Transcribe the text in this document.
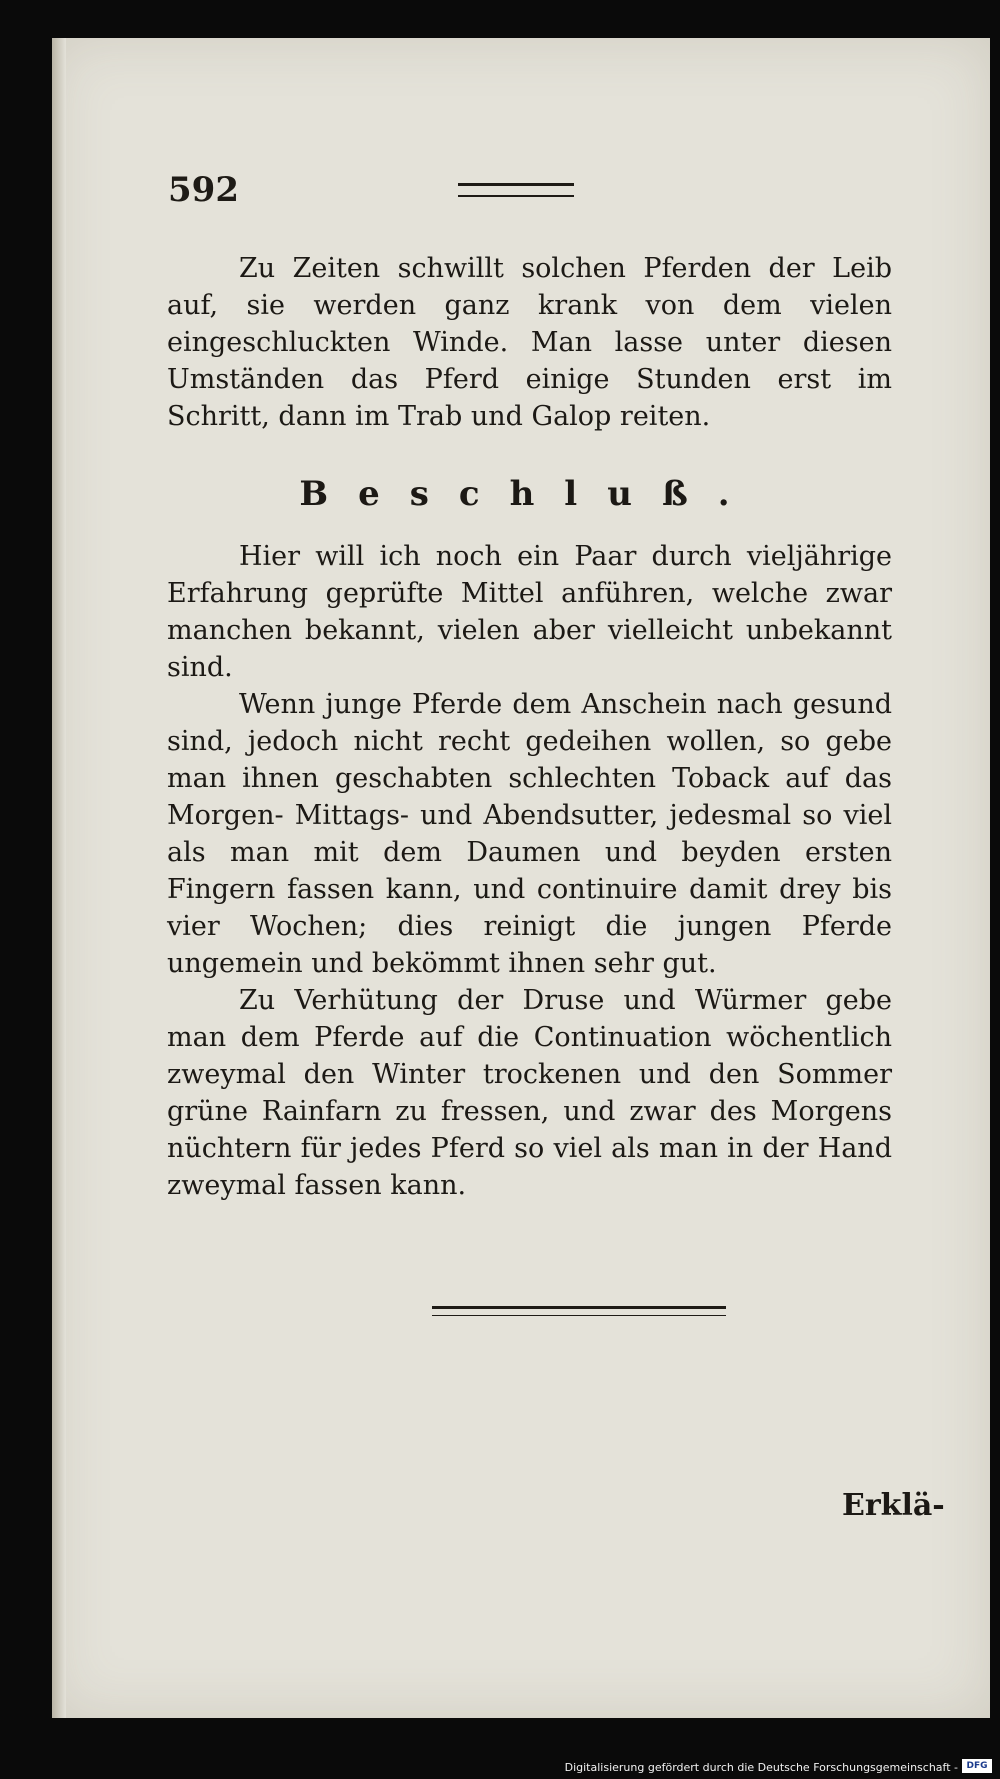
592

Zu Zeiten schwillt solchen Pferden der Leib auf, sie werden ganz krank von dem vielen eingeschluckten Winde. Man lasse unter diesen Umständen das Pferd einige Stunden erst im Schritt, dann im Trab und Galop reiten.

Beschluß.

Hier will ich noch ein Paar durch vieljährige Erfahrung geprüfte Mittel anführen, welche zwar manchen bekannt, vielen aber vielleicht unbekannt sind.

Wenn junge Pferde dem Anschein nach gesund sind, jedoch nicht recht gedeihen wollen, so gebe man ihnen geschabten schlechten Toback auf das Morgen- Mittags- und Abendsutter, jedesmal so viel als man mit dem Daumen und beyden ersten Fingern fassen kann, und continuire damit drey bis vier Wochen; dies reinigt die jungen Pferde ungemein und bekömmt ihnen sehr gut.

Zu Verhütung der Druse und Würmer gebe man dem Pferde auf die Continuation wöchentlich zweymal den Winter trockenen und den Sommer grüne Rainfarn zu fressen, und zwar des Morgens nüchtern für jedes Pferd so viel als man in der Hand zweymal fassen kann.

Erklä-
Digitalisierung gefördert durch die Deutsche Forschungsgemeinschaft - DFG
